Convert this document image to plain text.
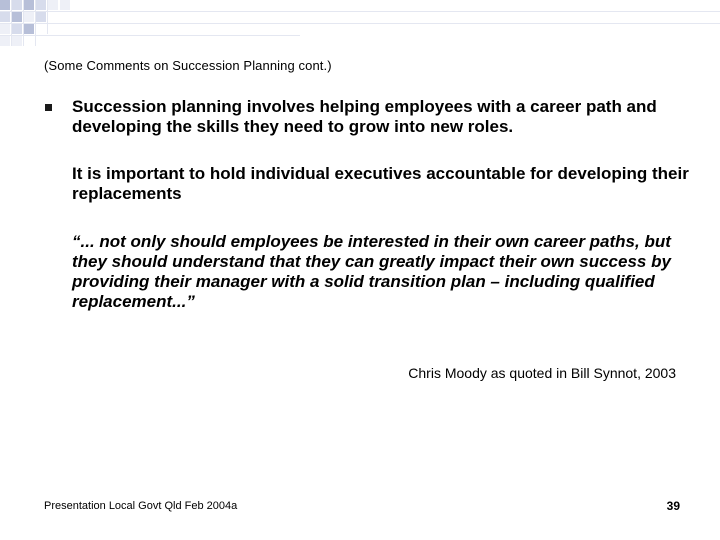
(Some Comments on Succession Planning cont.)
Succession planning involves helping employees with a career path and developing the skills they need to grow into new roles.
It is important to hold individual executives accountable for developing their replacements
“... not only should employees be interested in their own career paths, but they should understand that they can greatly impact their own success by providing their manager with a solid transition plan – including qualified replacement...”
Chris Moody as quoted in Bill Synnot, 2003
Presentation Local Govt Qld Feb 2004a	39
